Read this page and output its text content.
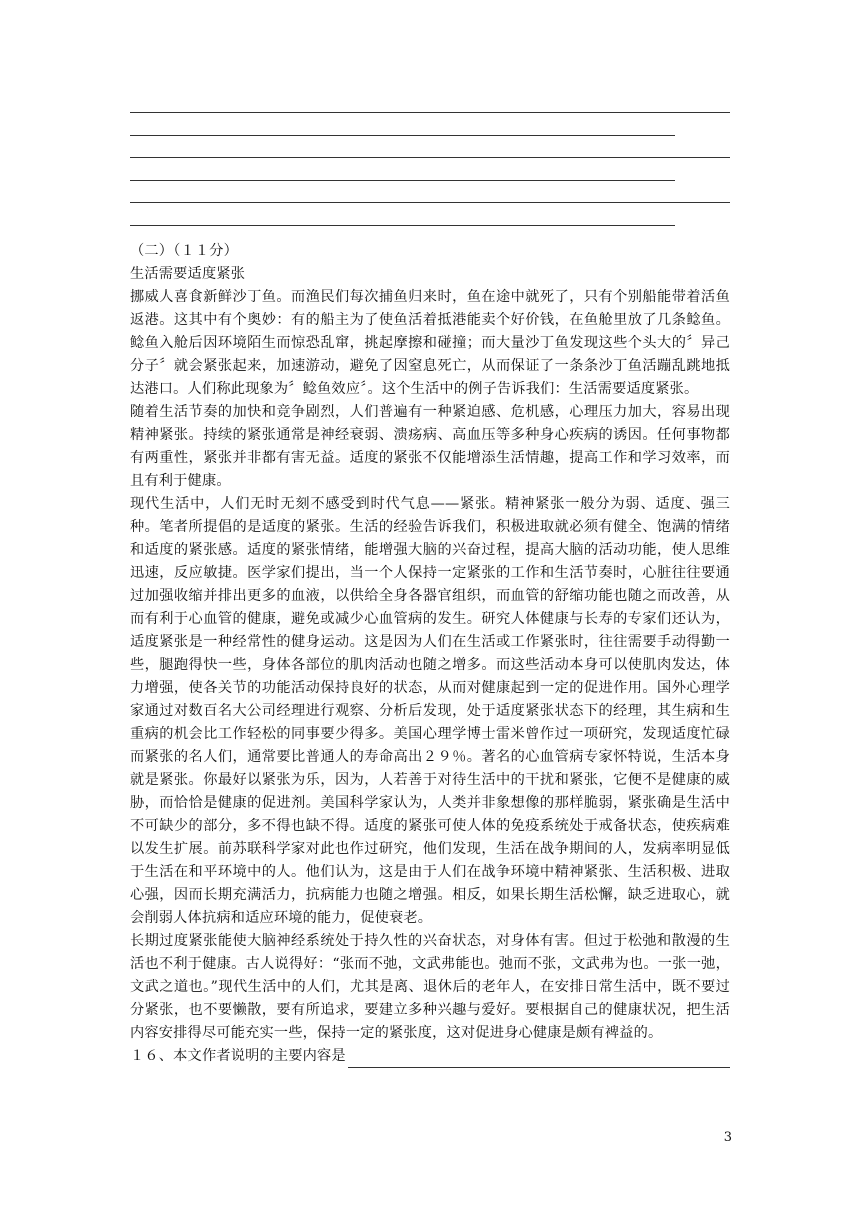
（二）（１１分）

生活需要适度紧张

挪威人喜食新鲜沙丁鱼。而渔民们每次捕鱼归来时，鱼在途中就死了，只有个别船能带着活鱼返港。这其中有个奥妙：有的船主为了使鱼活着抵港能卖个好价钱，在鱼舱里放了几条鲶鱼。鲶鱼入舱后因环境陌生而惊恐乱窜，挑起摩擦和碰撞；而大量沙丁鱼发现这些个头大的〞异己分子〞就会紧张起来，加速游动，避免了因窒息死亡，从而保证了一条条沙丁鱼活蹦乱跳地抵达港口。人们称此现象为〞鲶鱼效应〞。这个生活中的例子告诉我们：生活需要适度紧张。

随着生活节奏的加快和竞争剧烈，人们普遍有一种紧迫感、危机感，心理压力加大，容易出现精神紧张。持续的紧张通常是神经衰弱、溃疡病、高血压等多种身心疾病的诱因。任何事物都有两重性，紧张并非都有害无益。适度的紧张不仅能增添生活情趣，提高工作和学习效率，而且有利于健康。

现代生活中，人们无时无刻不感受到时代气息——紧张。精神紧张一般分为弱、适度、强三种。笔者所提倡的是适度的紧张。生活的经验告诉我们，积极进取就必须有健全、饱满的情绪和适度的紧张感。适度的紧张情绪，能增强大脑的兴奋过程，提高大脑的活动功能，使人思维迅速，反应敏捷。医学家们提出，当一个人保持一定紧张的工作和生活节奏时，心脏往往要通过加强收缩并排出更多的血液，以供给全身各器官组织，而血管的舒缩功能也随之而改善，从而有利于心血管的健康，避免或减少心血管病的发生。研究人体健康与长寿的专家们还认为，适度紧张是一种经常性的健身运动。这是因为人们在生活或工作紧张时，往往需要手动得勤一些，腿跑得快一些，身体各部位的肌肉活动也随之增多。而这些活动本身可以使肌肉发达，体力增强，使各关节的功能活动保持良好的状态，从而对健康起到一定的促进作用。国外心理学家通过对数百名大公司经理进行观察、分析后发现，处于适度紧张状态下的经理，其生病和生重病的机会比工作轻松的同事要少得多。美国心理学博士雷米曾作过一项研究，发现适度忙碌而紧张的名人们，通常要比普通人的寿命高出２９％。著名的心血管病专家怀特说，生活本身就是紧张。你最好以紧张为乐，因为，人若善于对待生活中的干扰和紧张，它便不是健康的威胁，而恰恰是健康的促进剂。美国科学家认为，人类并非象想像的那样脆弱，紧张确是生活中不可缺少的部分，多不得也缺不得。适度的紧张可使人体的免疫系统处于戒备状态，使疾病难以发生扩展。前苏联科学家对此也作过研究，他们发现，生活在战争期间的人，发病率明显低于生活在和平环境中的人。他们认为，这是由于人们在战争环境中精神紧张、生活积极、进取心强，因而长期充满活力，抗病能力也随之增强。相反，如果长期生活松懈，缺乏进取心，就会削弱人体抗病和适应环境的能力，促使衰老。

长期过度紧张能使大脑神经系统处于持久性的兴奋状态，对身体有害。但过于松弛和散漫的生活也不利于健康。古人说得好：“张而不弛，文武弗能也。弛而不张，文武弗为也。一张一弛，文武之道也。”现代生活中的人们，尤其是离、退休后的老年人，在安排日常生活中，既不要过分紧张，也不要懒散，要有所追求，要建立多种兴趣与爱好。要根据自己的健康状况，把生活内容安排得尽可能充实一些，保持一定的紧张度，这对促进身心健康是颇有裨益的。

１６、本文作者说明的主要内容是
3
